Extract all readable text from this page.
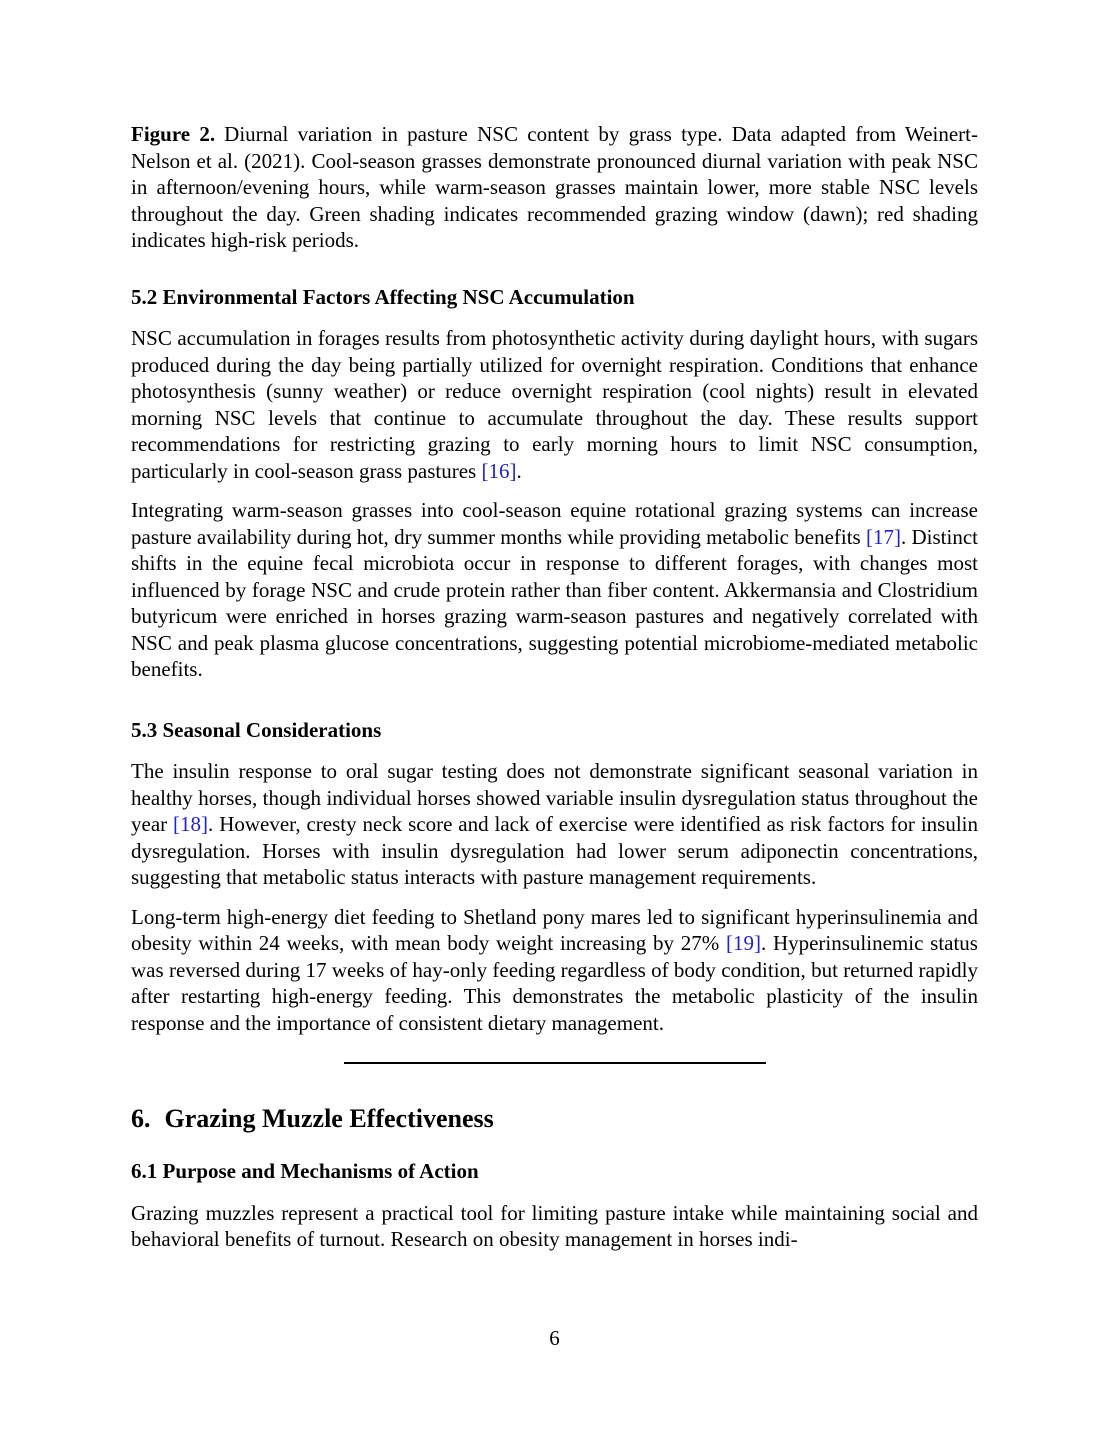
Figure 2. Diurnal variation in pasture NSC content by grass type. Data adapted from Weinert-Nelson et al. (2021). Cool-season grasses demonstrate pronounced diurnal variation with peak NSC in afternoon/evening hours, while warm-season grasses maintain lower, more stable NSC levels throughout the day. Green shading indicates recommended grazing window (dawn); red shading indicates high-risk periods.
5.2 Environmental Factors Affecting NSC Accumulation

NSC accumulation in forages results from photosynthetic activity during daylight hours, with sugars produced during the day being partially utilized for overnight respiration. Conditions that enhance photosynthesis (sunny weather) or reduce overnight respiration (cool nights) result in elevated morning NSC levels that continue to accumulate throughout the day. These results support recommendations for restricting grazing to early morning hours to limit NSC consumption, particularly in cool-season grass pastures [16].

Integrating warm-season grasses into cool-season equine rotational grazing systems can increase pasture availability during hot, dry summer months while providing metabolic benefits [17]. Distinct shifts in the equine fecal microbiota occur in response to different forages, with changes most influenced by forage NSC and crude protein rather than fiber content. Akkermansia and Clostridium butyricum were enriched in horses grazing warm-season pastures and negatively correlated with NSC and peak plasma glucose concentrations, suggesting potential microbiome-mediated metabolic benefits.

5.3 Seasonal Considerations

The insulin response to oral sugar testing does not demonstrate significant seasonal variation in healthy horses, though individual horses showed variable insulin dysregulation status throughout the year [18]. However, cresty neck score and lack of exercise were identified as risk factors for insulin dysregulation. Horses with insulin dysregulation had lower serum adiponectin concentrations, suggesting that metabolic status interacts with pasture management requirements.

Long-term high-energy diet feeding to Shetland pony mares led to significant hyperinsulinemia and obesity within 24 weeks, with mean body weight increasing by 27% [19]. Hyperinsulinemic status was reversed during 17 weeks of hay-only feeding regardless of body condition, but returned rapidly after restarting high-energy feeding. This demonstrates the metabolic plasticity of the insulin response and the importance of consistent dietary management.

6. Grazing Muzzle Effectiveness
6.1 Purpose and Mechanisms of Action

Grazing muzzles represent a practical tool for limiting pasture intake while maintaining social and behavioral benefits of turnout. Research on obesity management in horses indi-

6
